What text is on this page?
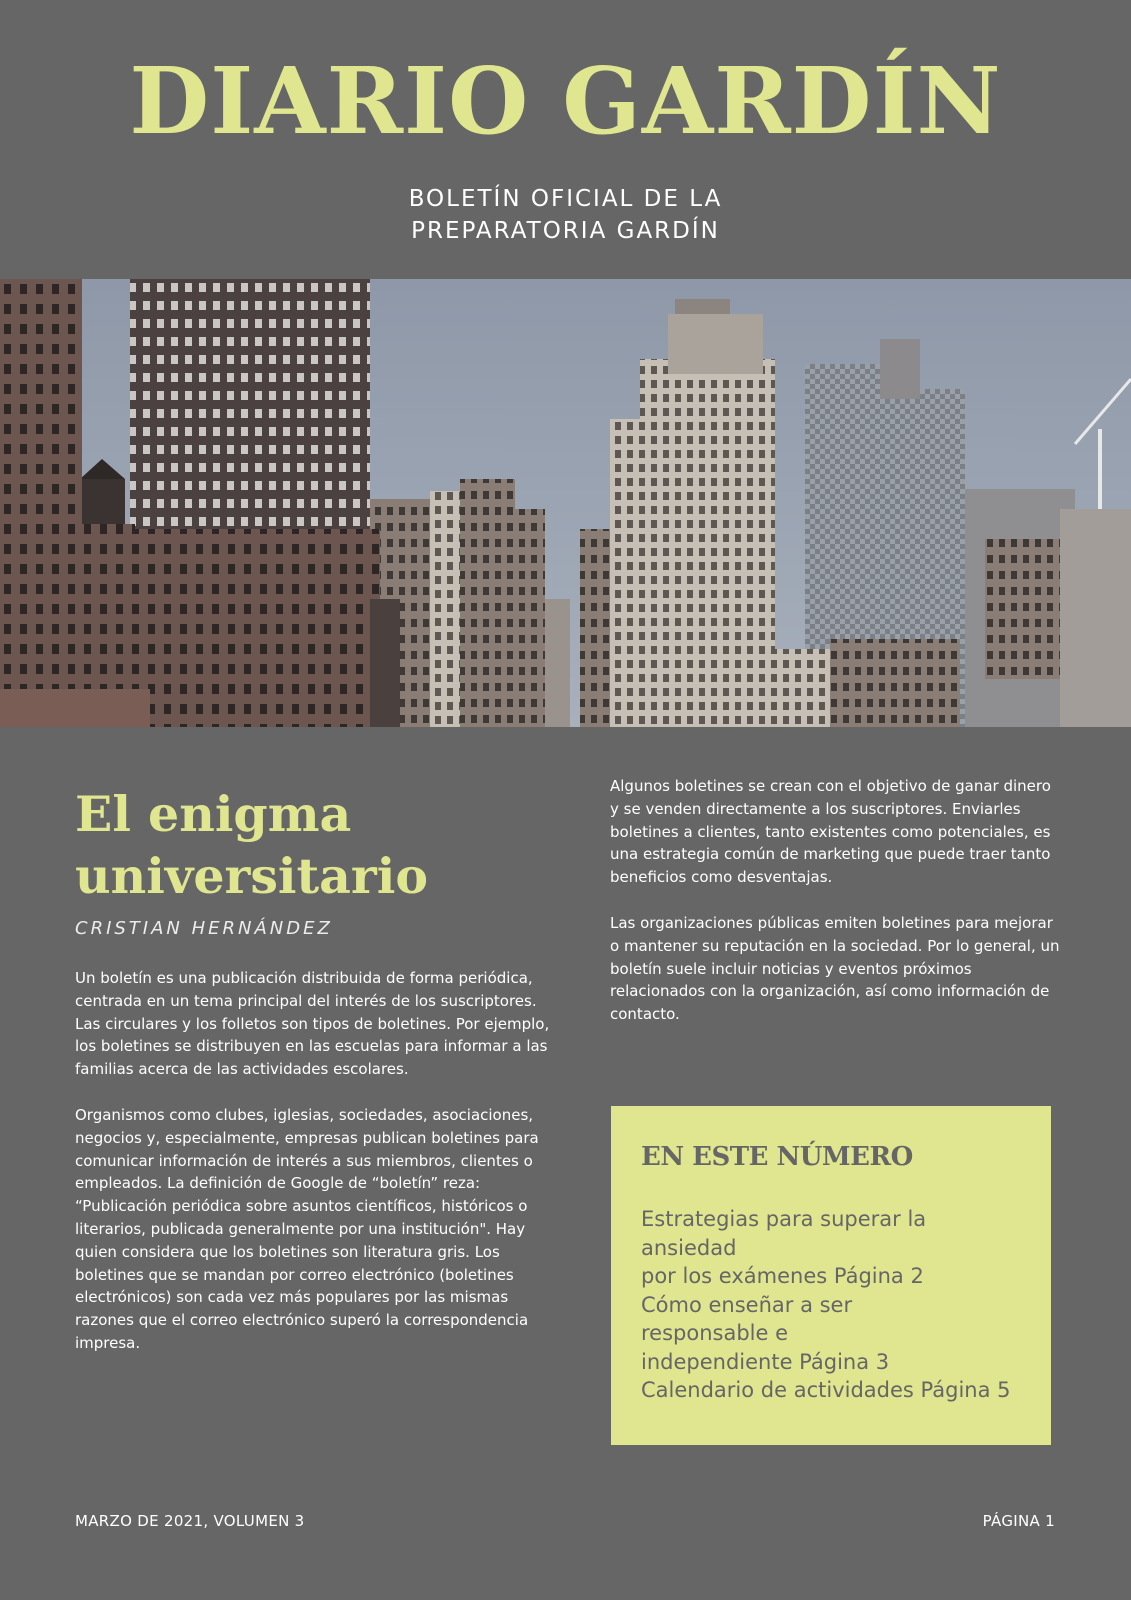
DIARIO GARDÍN
BOLETÍN OFICIAL DE LA
PREPARATORIA GARDÍN
El enigma
universitario
CRISTIAN HERNÁNDEZ

Un boletín es una publicación distribuida de forma periódica, centrada en un tema principal del interés de los suscriptores. Las circulares y los folletos son tipos de boletines. Por ejemplo, los boletines se distribuyen en las escuelas para informar a las familias acerca de las actividades escolares.

Organismos como clubes, iglesias, sociedades, asociaciones, negocios y, especialmente, empresas publican boletines para comunicar información de interés a sus miembros, clientes o empleados. La definición de Google de “boletín” reza: “Publicación periódica sobre asuntos científicos, históricos o literarios, publicada generalmente por una institución". Hay quien considera que los boletines son literatura gris. Los boletines que se mandan por correo electrónico (boletines electrónicos) son cada vez más populares por las mismas razones que el correo electrónico superó la correspondencia impresa.

Algunos boletines se crean con el objetivo de ganar dinero y se venden directamente a los suscriptores. Enviarles boletines a clientes, tanto existentes como potenciales, es una estrategia común de marketing que puede traer tanto beneficios como desventajas.

Las organizaciones públicas emiten boletines para mejorar o mantener su reputación en la sociedad. Por lo general, un boletín suele incluir noticias y eventos próximos relacionados con la organización, así como información de contacto.

EN ESTE NÚMERO
Estrategias para superar la ansiedad
por los exámenes Página 2
Cómo enseñar a ser
responsable e
independiente Página 3
Calendario de actividades Página 5
MARZO DE 2021, VOLUMEN 3	PÁGINA 1
